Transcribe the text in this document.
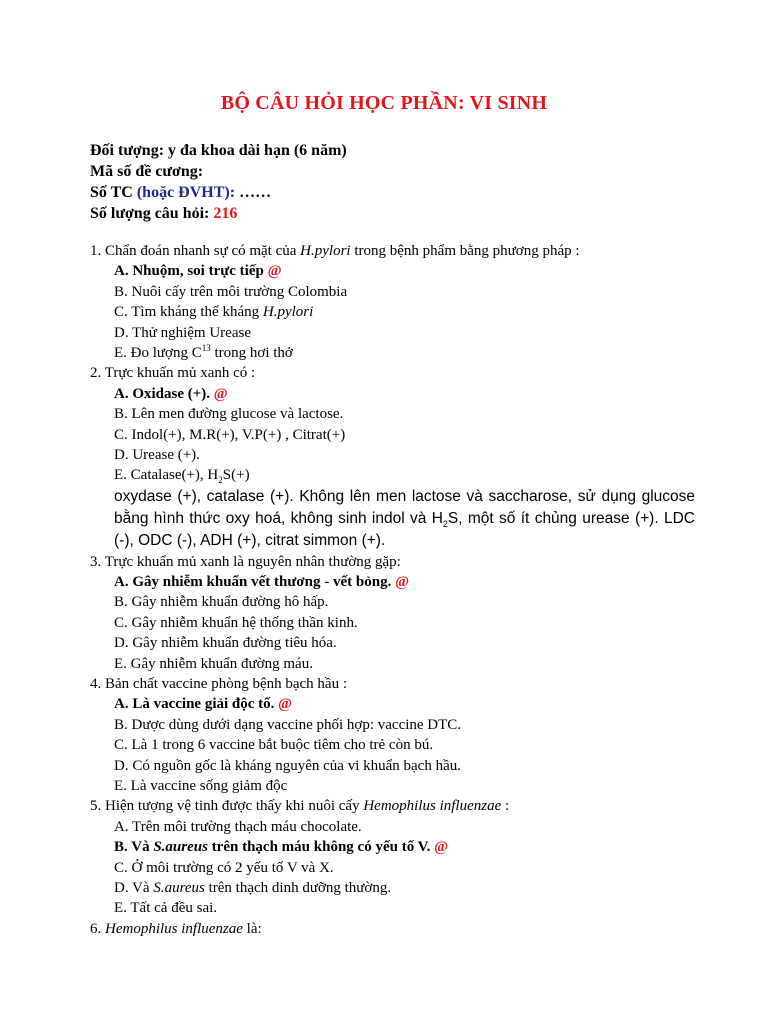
BỘ CÂU HỎI HỌC PHẦN: VI SINH
Đối tượng: y đa khoa dài hạn (6 năm)
Mã số đề cương:
Số TC (hoặc ĐVHT): ……
Số lượng câu hỏi: 216
1. Chẩn đoán nhanh sự có mặt của H.pylori trong bệnh phẩm bằng phương pháp :
A. Nhuộm, soi trực tiếp @
B. Nuôi cấy trên môi trường Colombia
C. Tìm kháng thể kháng H.pylori
D. Thử nghiệm Urease
E. Đo lượng $C^{13}$ trong hơi thở
2. Trực khuẩn mủ xanh có :
A. Oxidase (+). @
B. Lên men đường glucose và lactose.
C. Indol(+), M.R(+), V.P(+) , Citrat(+)
D. Urease (+).
E. Catalase(+), $H_2S(+)$

oxydase (+), catalase (+). Không lên men lactose và saccharose, sử dụng glucose bằng hình thức oxy hoá, không sinh indol và $H_2S$, một số ít chủng urease (+). LDC (-), ODC (-), ADH (+), citrat simmon (+).

3. Trực khuẩn mủ xanh là nguyên nhân thường gặp:
A. Gây nhiễm khuẩn vết thương - vết bỏng. @
B. Gây nhiễm khuẩn đường hô hấp.
C. Gây nhiễm khuẩn hệ thống thần kinh.
D. Gây nhiễm khuẩn đường tiêu hóa.
E. Gây nhiễm khuẩn đường máu.
4. Bản chất vaccine phòng bệnh bạch hầu :
A. Là vaccine giải độc tố. @
B. Dược dùng dưới dạng vaccine phối hợp: vaccine DTC.
C. Là 1 trong 6 vaccine bắt buộc tiêm cho trẻ còn bú.
D. Có nguồn gốc là kháng nguyên của vi khuẩn bạch hầu.
E. Là vaccine sống giảm độc
5. Hiện tượng vệ tinh được thấy khi nuôi cấy Hemophilus influenzae :
A. Trên môi trường thạch máu chocolate.
B. Và S.aureus trên thạch máu không có yếu tố V. @
C. Ở môi trường có 2 yếu tố V và X.
D. Và S.aureus trên thạch dinh dưỡng thường.
E. Tất cả đều sai.
6. Hemophilus influenzae là:
